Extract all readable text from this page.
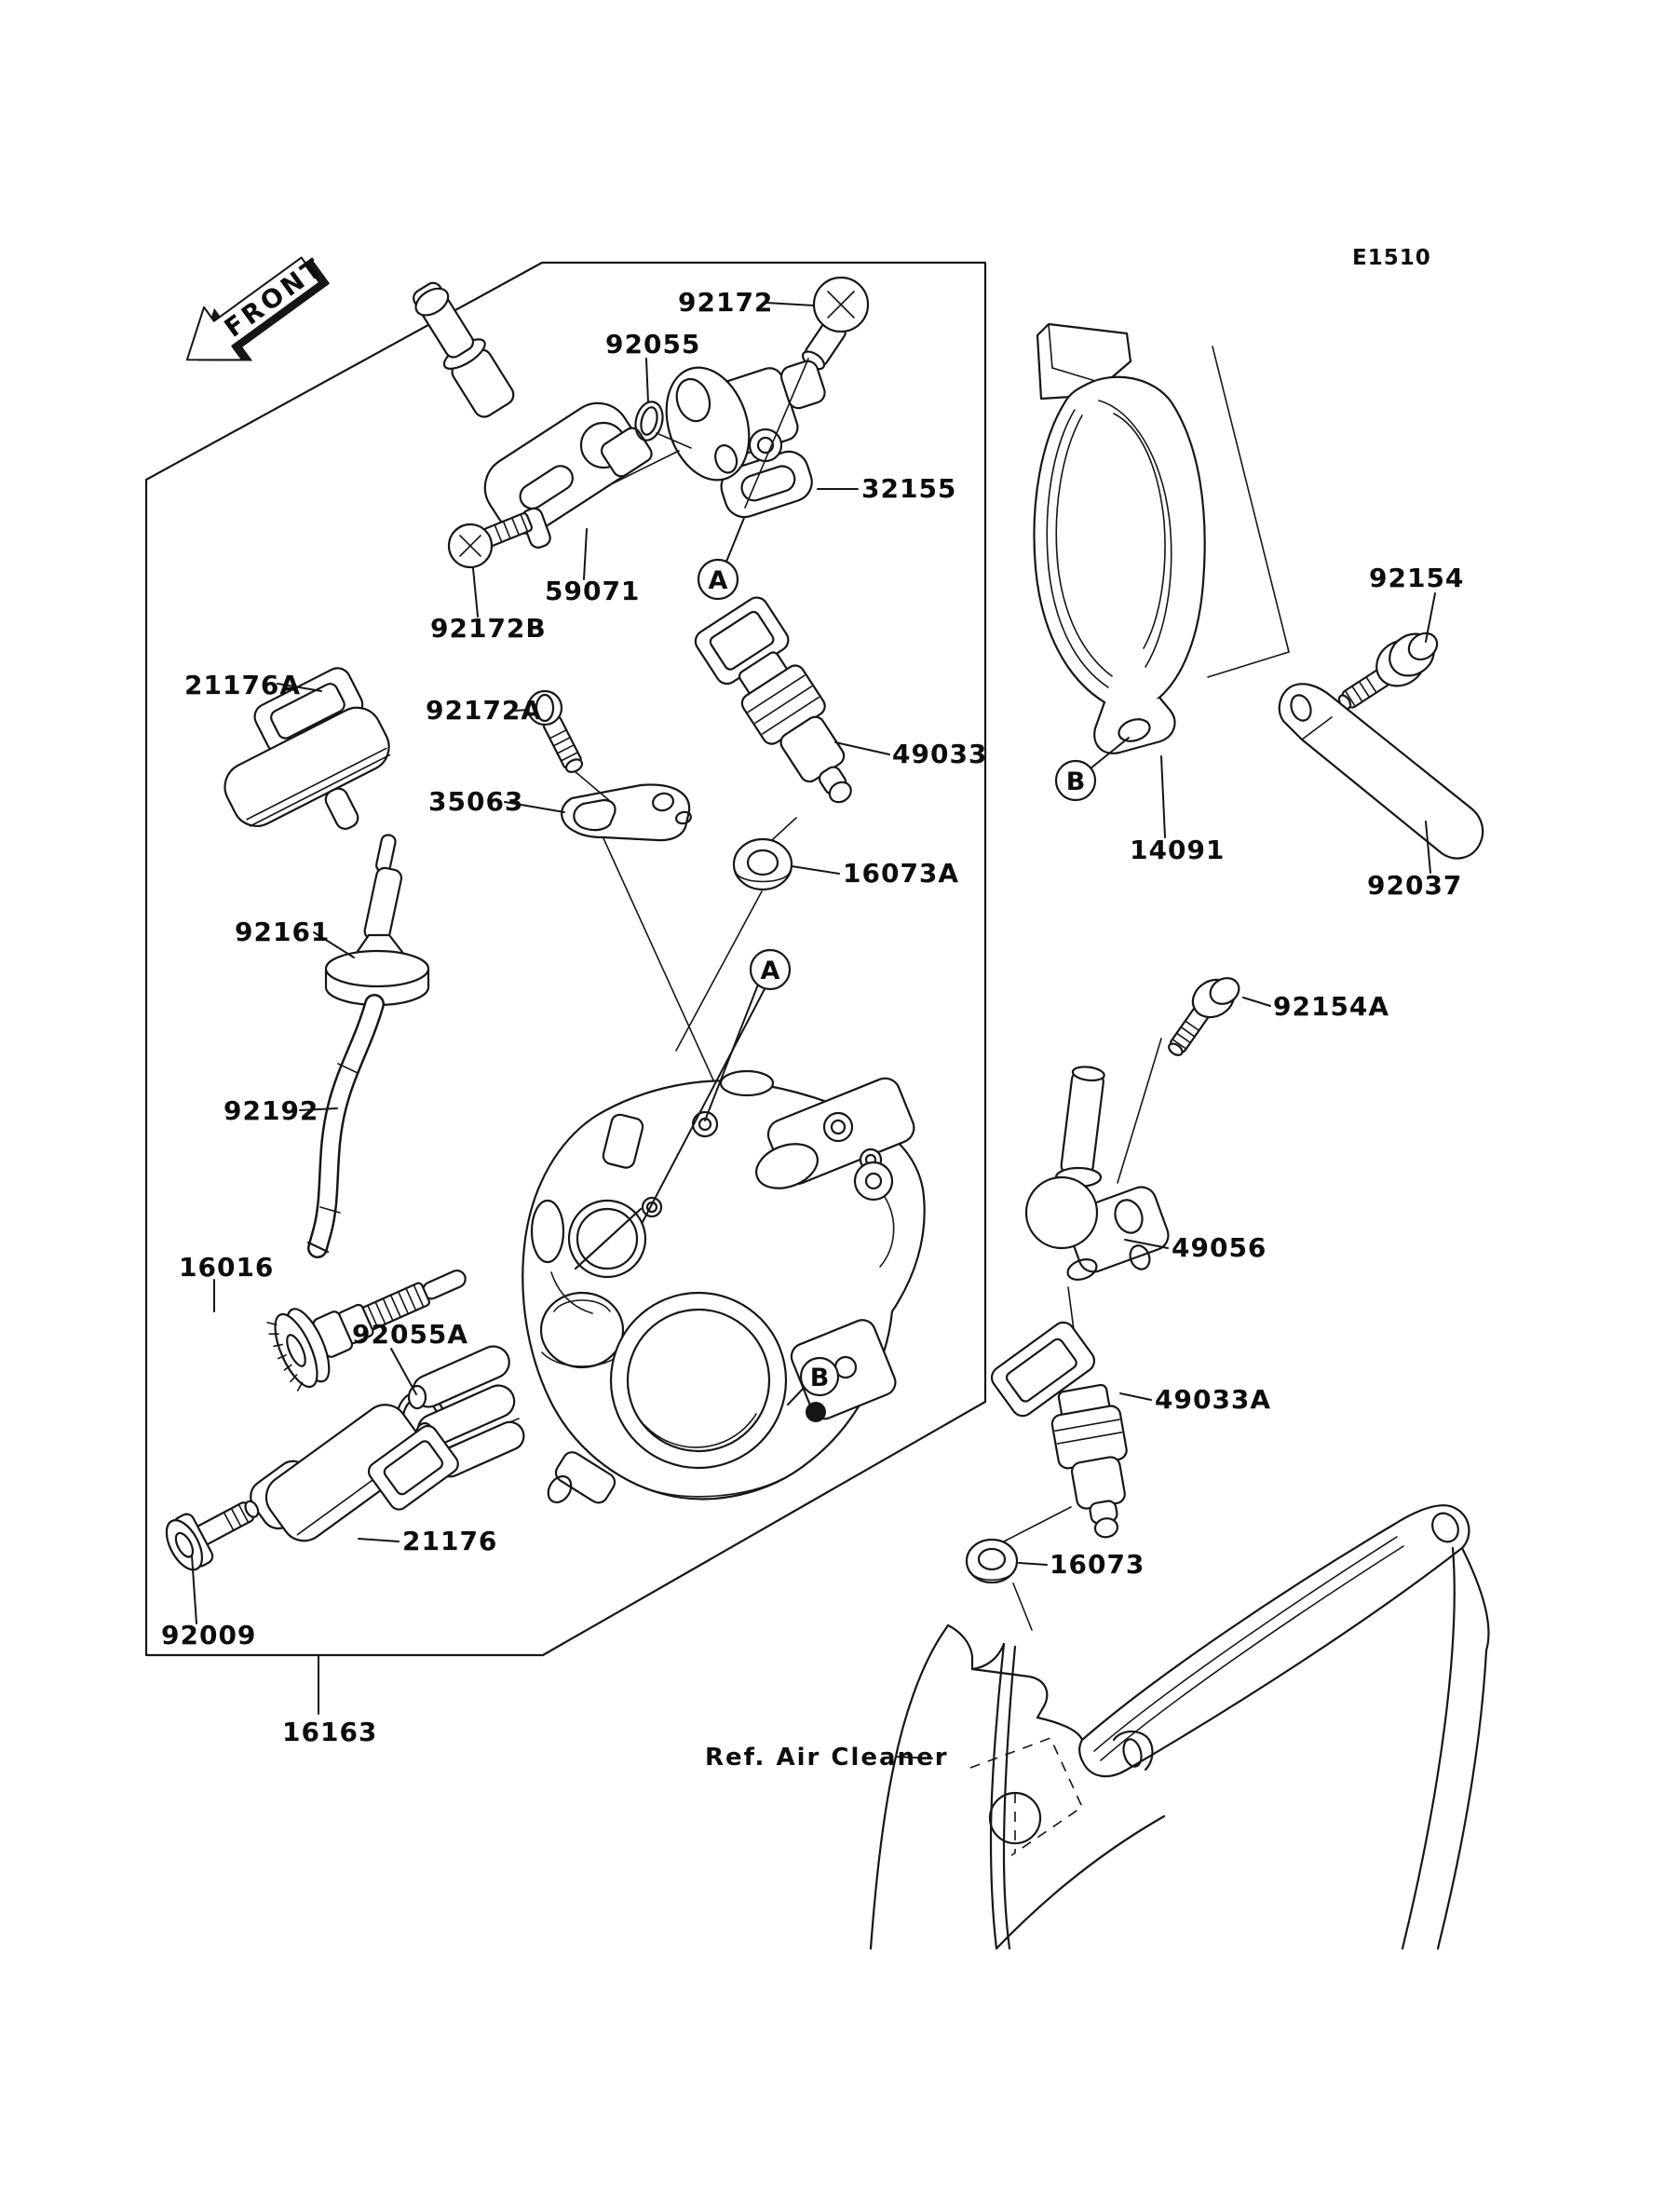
FRONT	E1510
A
A
B
B
92172
92055
32155
59071
92172B
21176A
92172A
35063
49033
16073A
92161
92192
16016
92055A
21176
92009
16163
92154
14091
92037
92154A
49056
49033A
16073
Ref. Air Cleaner
